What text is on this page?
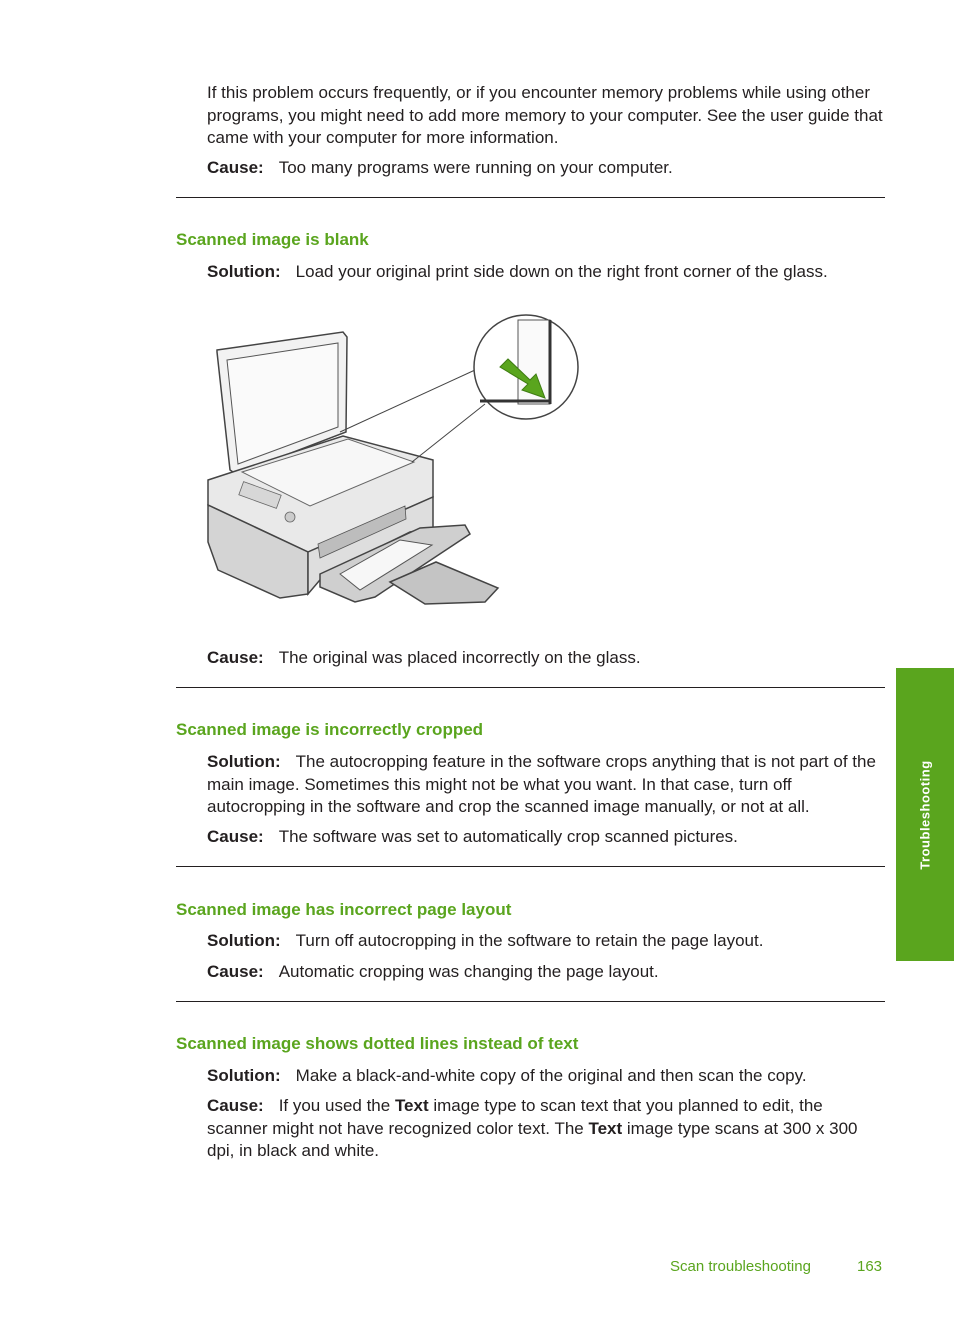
If this problem occurs frequently, or if you encounter memory problems while using other programs, you might need to add more memory to your computer. See the user guide that came with your computer for more information.

Cause: Too many programs were running on your computer.

Scanned image is blank

Solution: Load your original print side down on the right front corner of the glass.

Cause: The original was placed incorrectly on the glass.

Scanned image is incorrectly cropped

Solution: The autocropping feature in the software crops anything that is not part of the main image. Sometimes this might not be what you want. In that case, turn off autocropping in the software and crop the scanned image manually, or not at all.

Cause: The software was set to automatically crop scanned pictures.

Scanned image has incorrect page layout

Solution: Turn off autocropping in the software to retain the page layout.

Cause: Automatic cropping was changing the page layout.

Scanned image shows dotted lines instead of text

Solution: Make a black-and-white copy of the original and then scan the copy.

Cause: If you used the Text image type to scan text that you planned to edit, the scanner might not have recognized color text. The Text image type scans at 300 x 300 dpi, in black and white.

Troubleshooting
Scan troubleshooting	163
